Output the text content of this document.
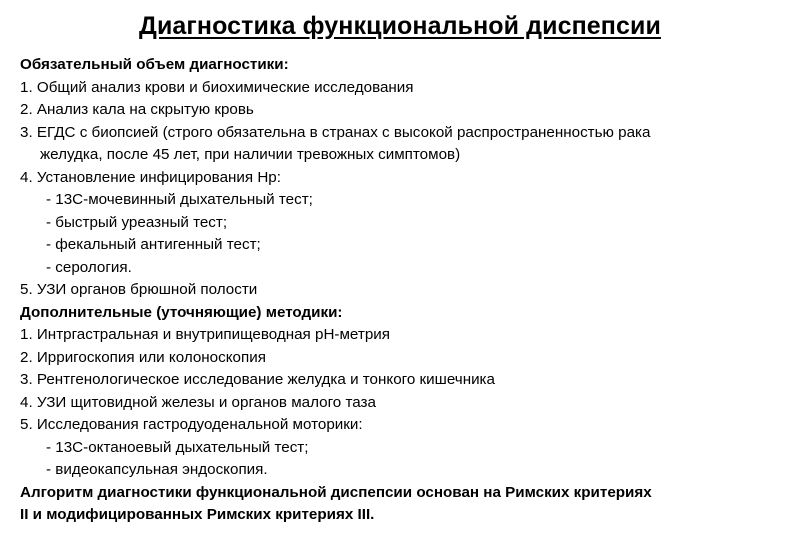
Диагностика функциональной диспепсии
Обязательный объем диагностики:
1. Общий анализ крови и биохимические исследования
2. Анализ кала на скрытую кровь
3. ЕГДС с биопсией (строго обязательна в странах с высокой распространенностью рака
желудка, после 45 лет, при наличии тревожных симптомов)
4. Установление инфицирования Нр:
- 13С-мочевинный дыхательный тест;
- быстрый уреазный тест;
- фекальный антигенный тест;
- серология.
5. УЗИ органов брюшной полости
Дополнительные (уточняющие) методики:
1. Интргастральная и внутрипищеводная рН-метрия
2. Ирригоскопия или колоноскопия
3. Рентгенологическое исследование желудка и тонкого кишечника
4. УЗИ щитовидной железы и органов малого таза
5. Исследования гастродуоденальной моторики:
- 13С-октаноевый дыхательный тест;
- видеокапсульная эндоскопия.
Алгоритм диагностики функциональной диспепсии основан на Римских критериях
II и модифицированных Римских критериях III.
